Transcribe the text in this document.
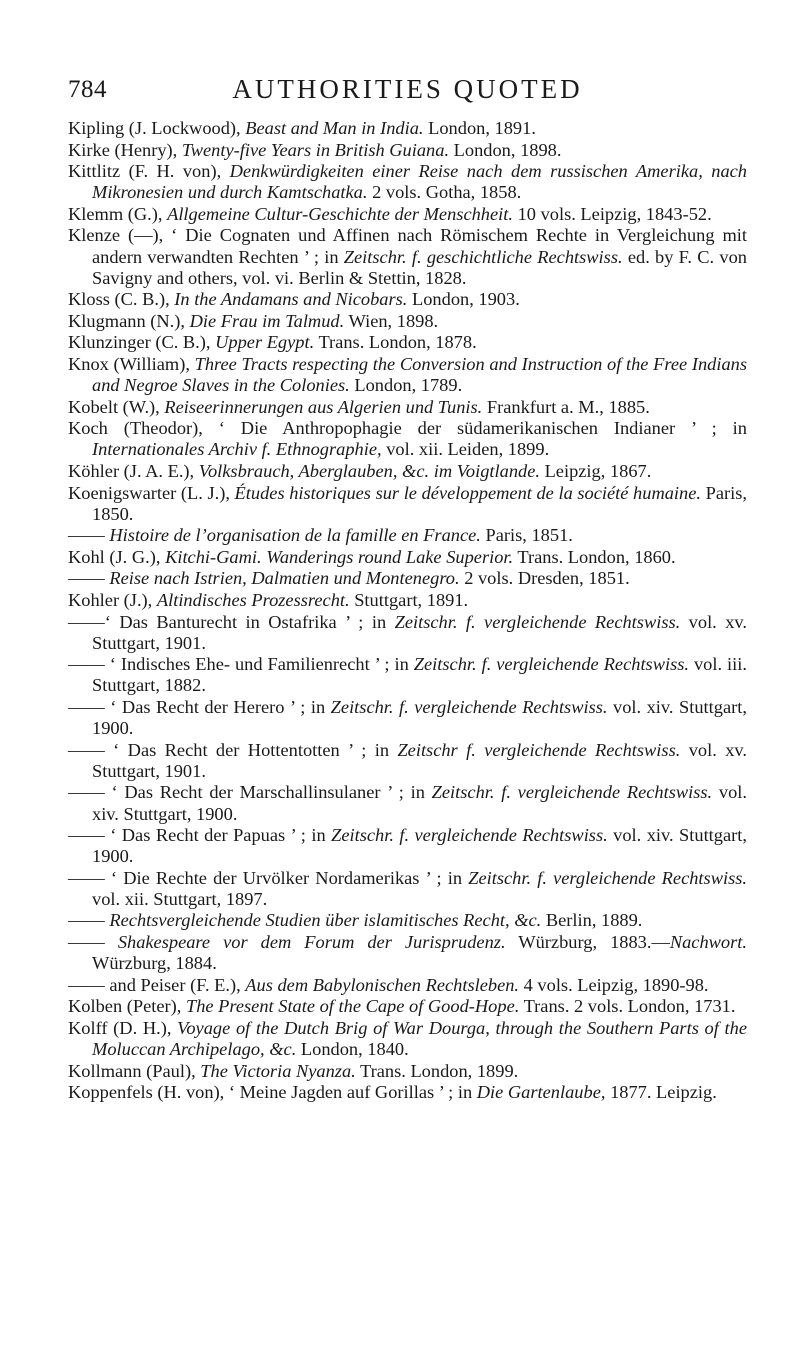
784	AUTHORITIES QUOTED

Kipling (J. Lockwood), Beast and Man in India. London, 1891.

Kirke (Henry), Twenty-five Years in British Guiana. London, 1898.

Kittlitz (F. H. von), Denkwürdigkeiten einer Reise nach dem russischen Amerika, nach Mikronesien und durch Kamtschatka. 2 vols. Gotha, 1858.

Klemm (G.), Allgemeine Cultur-Geschichte der Menschheit. 10 vols. Leipzig, 1843-52.

Klenze (—), ‘ Die Cognaten und Affinen nach Römischem Rechte in Vergleichung mit andern verwandten Rechten ’ ; in Zeitschr. f. geschichtliche Rechtswiss. ed. by F. C. von Savigny and others, vol. vi. Berlin & Stettin, 1828.

Kloss (C. B.), In the Andamans and Nicobars. London, 1903.

Klugmann (N.), Die Frau im Talmud. Wien, 1898.

Klunzinger (C. B.), Upper Egypt. Trans. London, 1878.

Knox (William), Three Tracts respecting the Conversion and Instruction of the Free Indians and Negroe Slaves in the Colonies. London, 1789.

Kobelt (W.), Reiseerinnerungen aus Algerien und Tunis. Frankfurt a. M., 1885.

Koch (Theodor), ‘ Die Anthropophagie der südamerikanischen Indianer ’ ; in Internationales Archiv f. Ethnographie, vol. xii. Leiden, 1899.

Köhler (J. A. E.), Volksbrauch, Aberglauben, &c. im Voigtlande. Leipzig, 1867.

Koenigswarter (L. J.), Études historiques sur le développement de la société humaine. Paris, 1850.

—— Histoire de l’organisation de la famille en France. Paris, 1851.

Kohl (J. G.), Kitchi-Gami. Wanderings round Lake Superior. Trans. London, 1860.

—— Reise nach Istrien, Dalmatien und Montenegro. 2 vols. Dresden, 1851.

Kohler (J.), Altindisches Prozessrecht. Stuttgart, 1891.

——‘ Das Banturecht in Ostafrika ’ ; in Zeitschr. f. vergleichende Rechtswiss. vol. xv. Stuttgart, 1901.

—— ‘ Indisches Ehe- und Familienrecht ’ ; in Zeitschr. f. vergleichende Rechtswiss. vol. iii. Stuttgart, 1882.

—— ‘ Das Recht der Herero ’ ; in Zeitschr. f. vergleichende Rechtswiss. vol. xiv. Stuttgart, 1900.

—— ‘ Das Recht der Hottentotten ’ ; in Zeitschr f. vergleichende Rechtswiss. vol. xv. Stuttgart, 1901.

—— ‘ Das Recht der Marschallinsulaner ’ ; in Zeitschr. f. vergleichende Rechtswiss. vol. xiv. Stuttgart, 1900.

—— ‘ Das Recht der Papuas ’ ; in Zeitschr. f. vergleichende Rechtswiss. vol. xiv. Stuttgart, 1900.

—— ‘ Die Rechte der Urvölker Nordamerikas ’ ; in Zeitschr. f. vergleichende Rechtswiss. vol. xii. Stuttgart, 1897.

—— Rechtsvergleichende Studien über islamitisches Recht, &c. Berlin, 1889.

—— Shakespeare vor dem Forum der Jurisprudenz. Würzburg, 1883.—Nachwort. Würzburg, 1884.

—— and Peiser (F. E.), Aus dem Babylonischen Rechtsleben. 4 vols. Leipzig, 1890-98.

Kolben (Peter), The Present State of the Cape of Good-Hope. Trans. 2 vols. London, 1731.

Kolff (D. H.), Voyage of the Dutch Brig of War Dourga, through the Southern Parts of the Moluccan Archipelago, &c. London, 1840.

Kollmann (Paul), The Victoria Nyanza. Trans. London, 1899.

Koppenfels (H. von), ‘ Meine Jagden auf Gorillas ’ ; in Die Gartenlaube, 1877. Leipzig.
